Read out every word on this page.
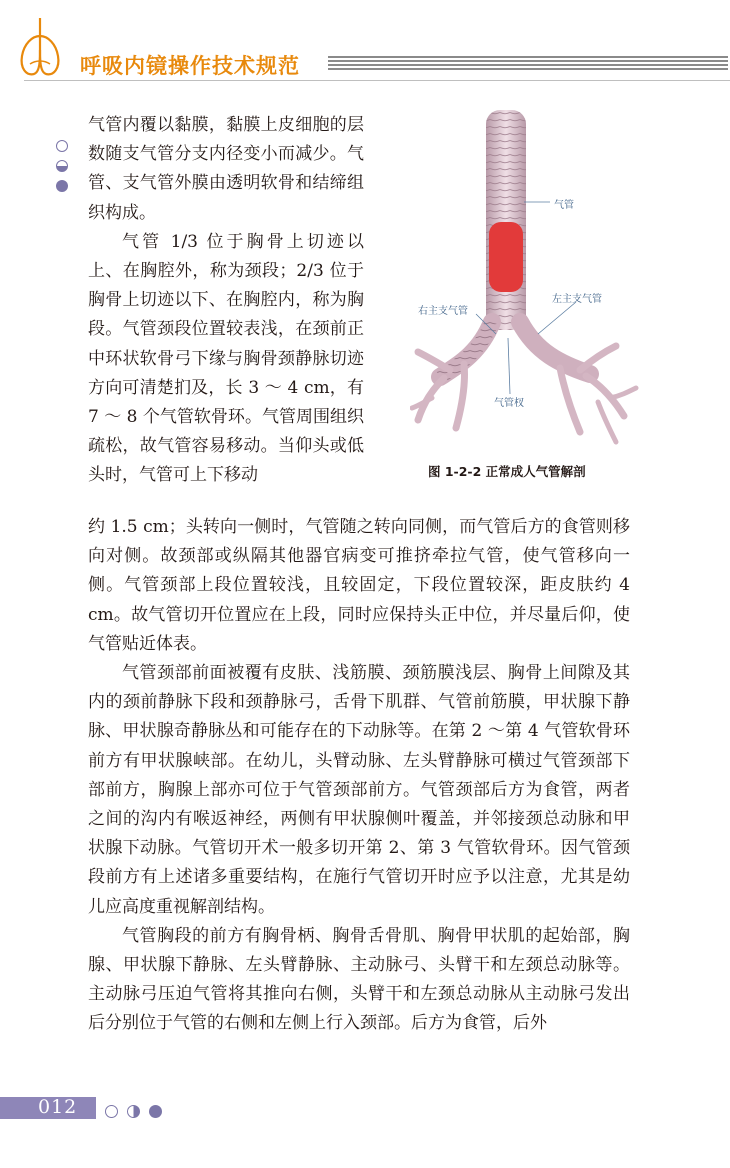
呼吸内镜操作技术规范

气管内覆以黏膜，黏膜上皮细胞的层数随支气管分支内径变小而减少。气管、支气管外膜由透明软骨和结缔组织构成。

气管 1/3 位于胸骨上切迹以上、在胸腔外，称为颈段；2/3 位于胸骨上切迹以下、在胸腔内，称为胸段。气管颈段位置较表浅，在颈前正中环状软骨弓下缘与胸骨颈静脉切迹方向可清楚扪及，长 3 ～ 4 cm，有 7 ～ 8 个气管软骨环。气管周围组织疏松，故气管容易移动。当仰头或低头时，气管可上下移动

气管
右主支气管
左主支气管
气管杈
图 1-2-2 正常成人气管解剖

约 1.5 cm；头转向一侧时，气管随之转向同侧，而气管后方的食管则移向对侧。故颈部或纵隔其他器官病变可推挤牵拉气管，使气管移向一侧。气管颈部上段位置较浅，且较固定，下段位置较深，距皮肤约 4 cm。故气管切开位置应在上段，同时应保持头正中位，并尽量后仰，使气管贴近体表。

气管颈部前面被覆有皮肤、浅筋膜、颈筋膜浅层、胸骨上间隙及其内的颈前静脉下段和颈静脉弓，舌骨下肌群、气管前筋膜，甲状腺下静脉、甲状腺奇静脉丛和可能存在的下动脉等。在第 2 ～第 4 气管软骨环前方有甲状腺峡部。在幼儿，头臂动脉、左头臂静脉可横过气管颈部下部前方，胸腺上部亦可位于气管颈部前方。气管颈部后方为食管，两者之间的沟内有喉返神经，两侧有甲状腺侧叶覆盖，并邻接颈总动脉和甲状腺下动脉。气管切开术一般多切开第 2、第 3 气管软骨环。因气管颈段前方有上述诸多重要结构，在施行气管切开时应予以注意，尤其是幼儿应高度重视解剖结构。

气管胸段的前方有胸骨柄、胸骨舌骨肌、胸骨甲状肌的起始部，胸腺、甲状腺下静脉、左头臂静脉、主动脉弓、头臂干和左颈总动脉等。主动脉弓压迫气管将其推向右侧，头臂干和左颈总动脉从主动脉弓发出后分别位于气管的右侧和左侧上行入颈部。后方为食管，后外

012
